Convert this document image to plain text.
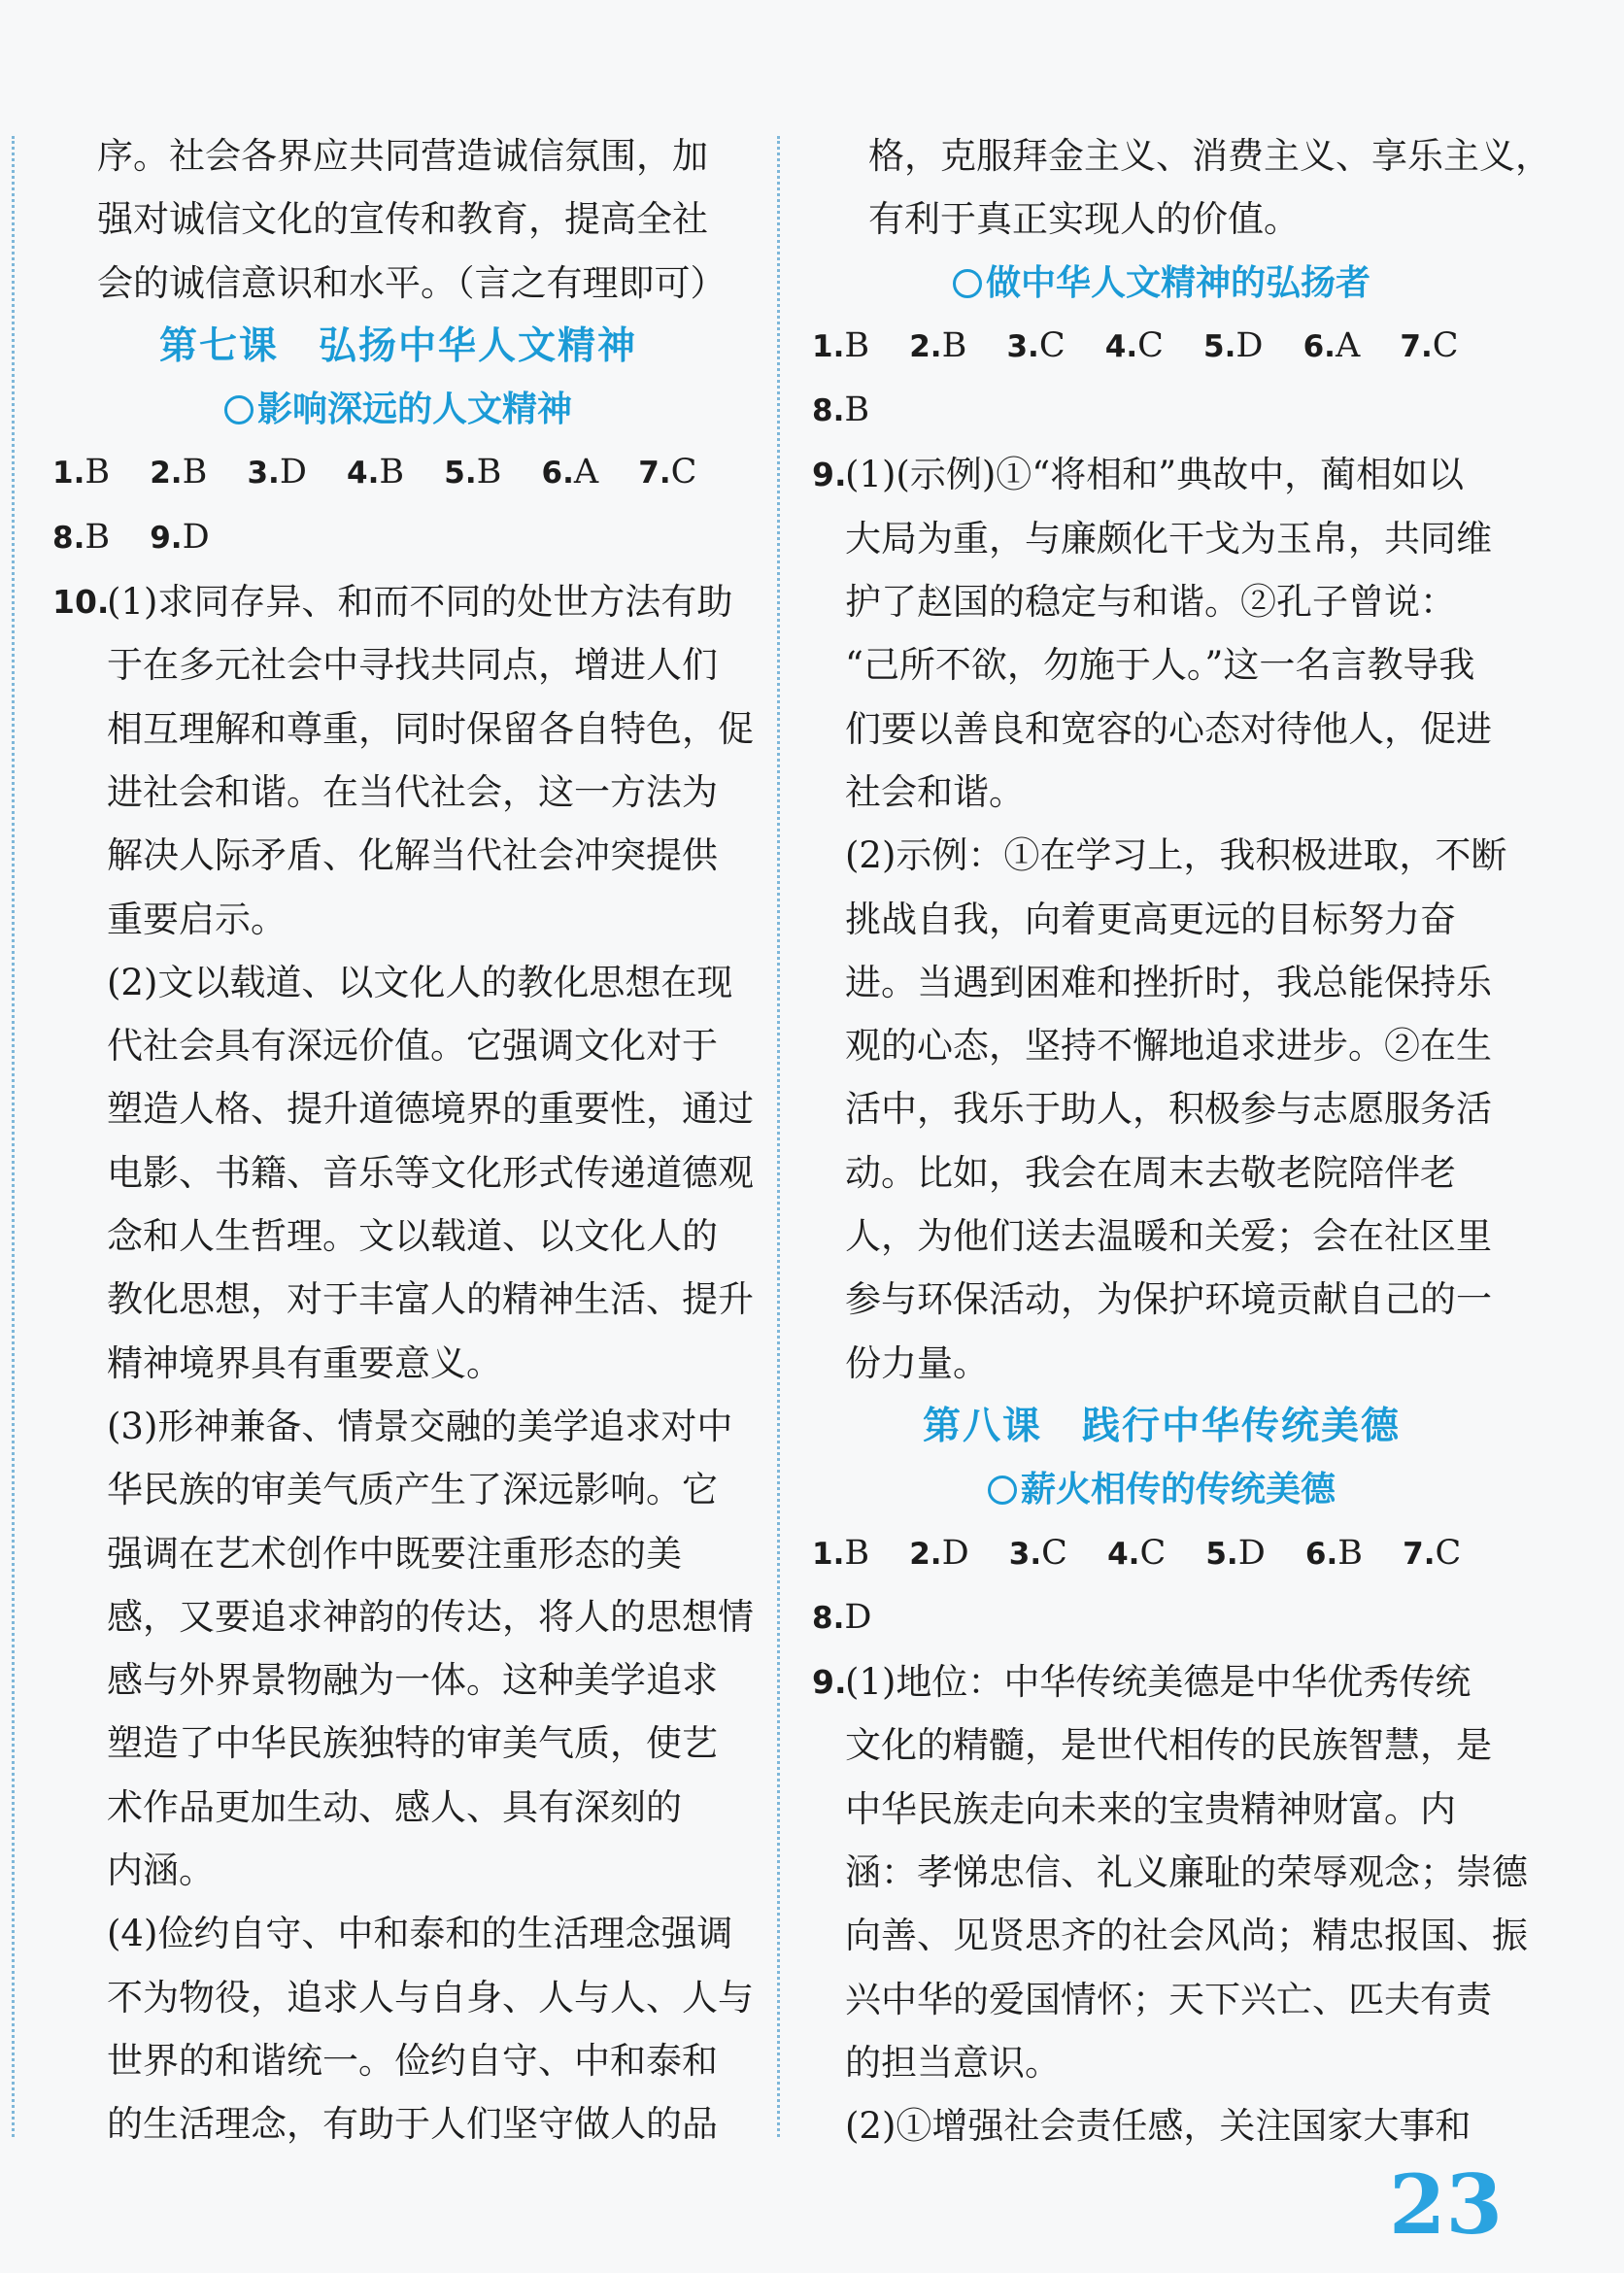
序。社会各界应共同营造诚信氛围，加

强对诚信文化的宣传和教育，提高全社

会的诚信意识和水平。（言之有理即可）

第七课　弘扬中华人文精神

影响深远的人文精神

1.B 2.B 3.D 4.B 5.B 6.A 7.C

8.B 9.D

10.

(1)求同存异、和而不同的处世方法有助

于在多元社会中寻找共同点，增进人们

相互理解和尊重，同时保留各自特色，促

进社会和谐。在当代社会，这一方法为

解决人际矛盾、化解当代社会冲突提供

重要启示。

(2)文以载道、以文化人的教化思想在现

代社会具有深远价值。它强调文化对于

塑造人格、提升道德境界的重要性，通过

电影、书籍、音乐等文化形式传递道德观

念和人生哲理。文以载道、以文化人的

教化思想，对于丰富人的精神生活、提升

精神境界具有重要意义。

(3)形神兼备、情景交融的美学追求对中

华民族的审美气质产生了深远影响。它

强调在艺术创作中既要注重形态的美

感，又要追求神韵的传达，将人的思想情

感与外界景物融为一体。这种美学追求

塑造了中华民族独特的审美气质，使艺

术作品更加生动、感人、具有深刻的

内涵。

(4)俭约自守、中和泰和的生活理念强调

不为物役，追求人与自身、人与人、人与

世界的和谐统一。俭约自守、中和泰和

的生活理念，有助于人们坚守做人的品

格，克服拜金主义、消费主义、享乐主义，

有利于真正实现人的价值。

做中华人文精神的弘扬者

1.B 2.B 3.C 4.C 5.D 6.A 7.C

8.B

9.

(1)(示例)①“将相和”典故中，蔺相如以

大局为重，与廉颇化干戈为玉帛，共同维

护了赵国的稳定与和谐。②孔子曾说：

“己所不欲，勿施于人。”这一名言教导我

们要以善良和宽容的心态对待他人，促进

社会和谐。

(2)示例：①在学习上，我积极进取，不断

挑战自我，向着更高更远的目标努力奋

进。当遇到困难和挫折时，我总能保持乐

观的心态，坚持不懈地追求进步。②在生

活中，我乐于助人，积极参与志愿服务活

动。比如，我会在周末去敬老院陪伴老

人，为他们送去温暖和关爱；会在社区里

参与环保活动，为保护环境贡献自己的一

份力量。

第八课　践行中华传统美德

薪火相传的传统美德

1.B 2.D 3.C 4.C 5.D 6.B 7.C

8.D

9.

(1)地位：中华传统美德是中华优秀传统

文化的精髓，是世代相传的民族智慧，是

中华民族走向未来的宝贵精神财富。内

涵：孝悌忠信、礼义廉耻的荣辱观念；崇德

向善、见贤思齐的社会风尚；精忠报国、振

兴中华的爱国情怀；天下兴亡、匹夫有责

的担当意识。

(2)①增强社会责任感，关注国家大事和

23
